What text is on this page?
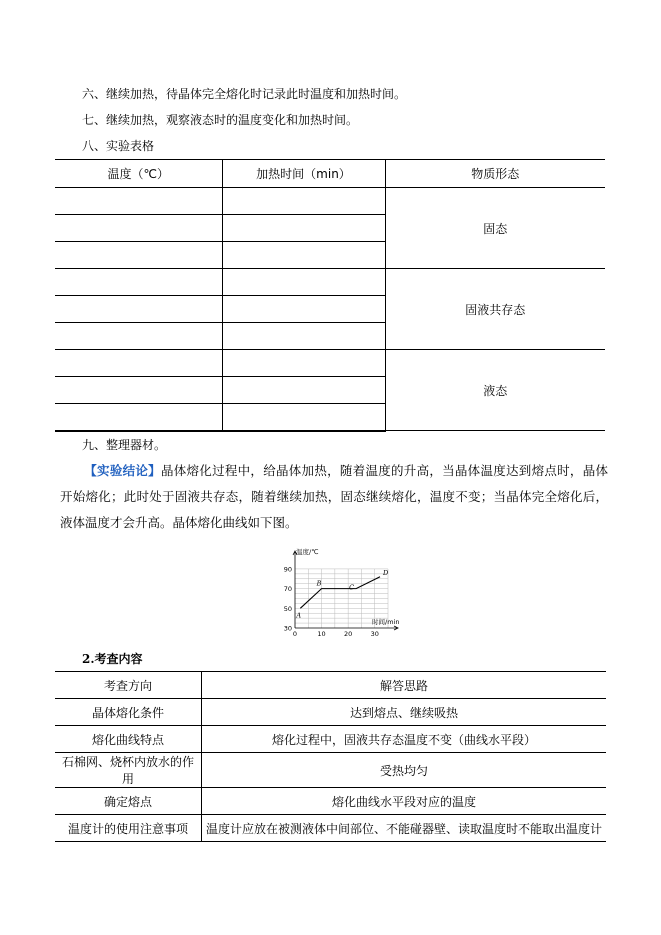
六、继续加热，待晶体完全熔化时记录此时温度和加热时间。
七、继续加热，观察液态时的温度变化和加热时间。
八、实验表格
温度（℃）	加热时间（min）	物质形态
		固态

		固液共存态

		液态

九、整理器材。
【实验结论】晶体熔化过程中，给晶体加热，随着温度的升高，当晶体温度达到熔点时，晶体开始熔化；此时处于固液共存态，随着继续加热，固态继续熔化，温度不变；当晶体完全熔化后，液体温度才会升高。晶体熔化曲线如下图。
温度/℃
时间/min
30
50
70
90
0	10	20	30
A
B	C
D
2.考查内容
考查方向	解答思路
晶体熔化条件	达到熔点、继续吸热
熔化曲线特点	熔化过程中，固液共存态温度不变（曲线水平段）
石棉网、烧杯内放水的作用	受热均匀
确定熔点	熔化曲线水平段对应的温度
温度计的使用注意事项	温度计应放在被测液体中间部位、不能碰器壁、读取温度时不能取出温度计
